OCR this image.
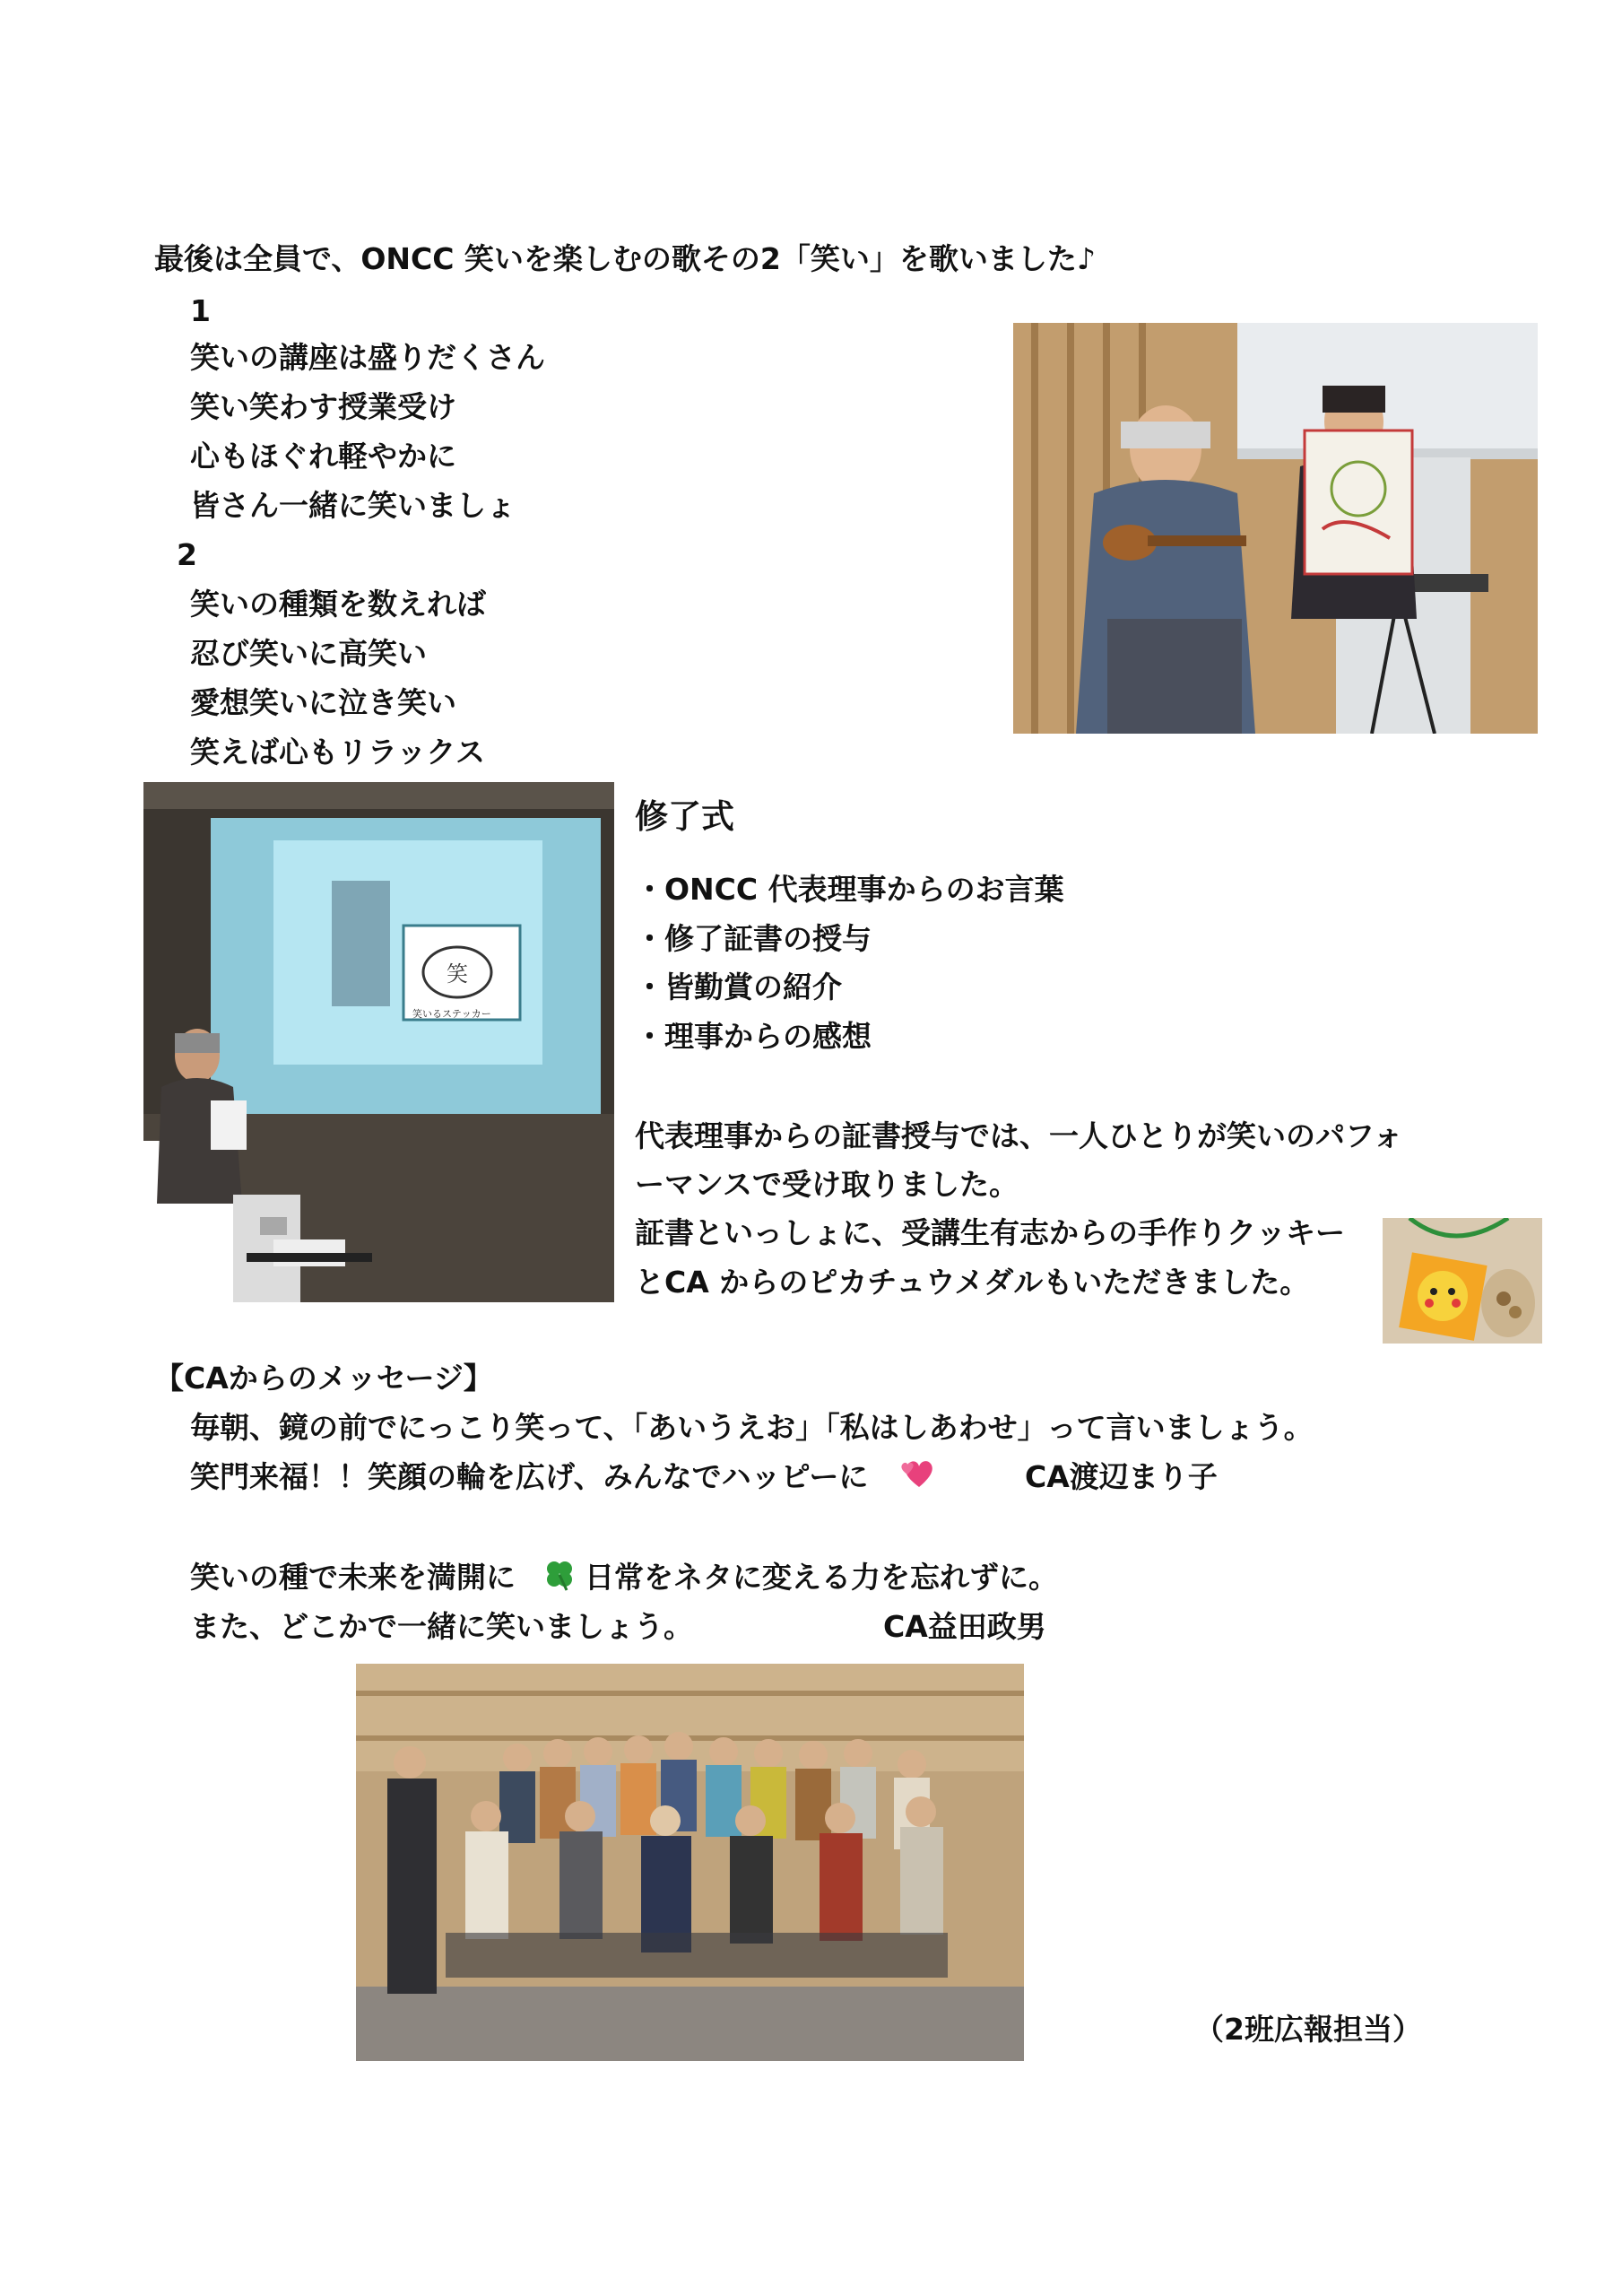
最後は全員で、ONCC 笑いを楽しむの歌その2「笑い」を歌いました♪
1
笑いの講座は盛りだくさん
笑い笑わす授業受け
心もほぐれ軽やかに
皆さん一緒に笑いましょ
2
笑いの種類を数えれば
忍び笑いに高笑い
愛想笑いに泣き笑い
笑えば心もリラックス
笑
笑いるステッカー
修了式
・ONCC 代表理事からのお言葉
・修了証書の授与
・皆勤賞の紹介
・理事からの感想
代表理事からの証書授与では、一人ひとりが笑いのパフォ
ーマンスで受け取りました。
証書といっしょに、受講生有志からの手作りクッキー
とCA からのピカチュウメダルもいただきました。
【CAからのメッセージ】
毎朝、鏡の前でにっこり笑って、「あいうえお」「私はしあわせ」って言いましょう。
笑門来福！！笑顔の輪を広げ、みんなでハッピーに	CA渡辺まり子
笑いの種で未来を満開に 日常をネタに変える力を忘れずに。
また、どこかで一緒に笑いましょう。	CA益田政男
（2班広報担当）
